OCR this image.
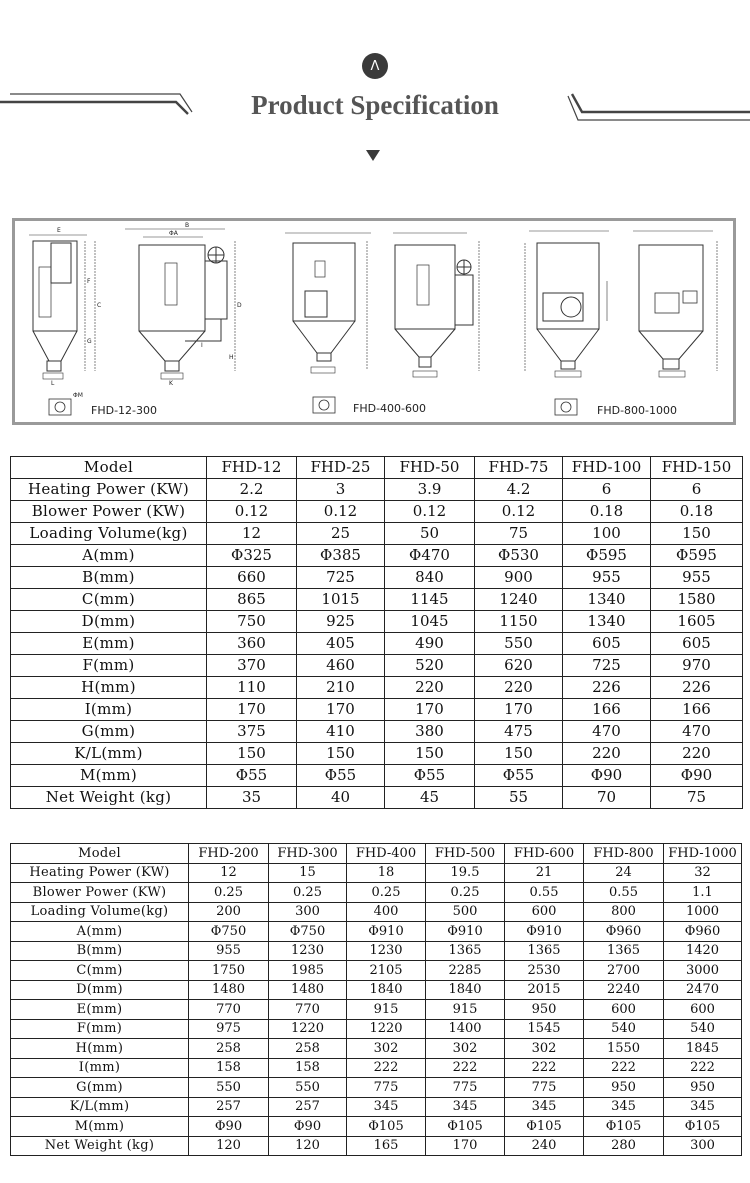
Λ
Product Specification
E
B
ΦA
F
C	D
G
H
I
K
L
ΦM
FHD-12-300	FHD-400-600	FHD-800-1000
Model	FHD-12	FHD-25	FHD-50	FHD-75	FHD-100	FHD-150
Heating Power (KW)	2.2	3	3.9	4.2	6	6
Blower Power (KW)	0.12	0.12	0.12	0.12	0.18	0.18
Loading Volume(kg)	12	25	50	75	100	150
A(mm)	Φ325	Φ385	Φ470	Φ530	Φ595	Φ595
B(mm)	660	725	840	900	955	955
C(mm)	865	1015	1145	1240	1340	1580
D(mm)	750	925	1045	1150	1340	1605
E(mm)	360	405	490	550	605	605
F(mm)	370	460	520	620	725	970
H(mm)	110	210	220	220	226	226
I(mm)	170	170	170	170	166	166
G(mm)	375	410	380	475	470	470
K/L(mm)	150	150	150	150	220	220
M(mm)	Φ55	Φ55	Φ55	Φ55	Φ90	Φ90
Net Weight (kg)	35	40	45	55	70	75
Model	FHD-200	FHD-300	FHD-400	FHD-500	FHD-600	FHD-800	FHD-1000
Heating Power (KW)	12	15	18	19.5	21	24	32
Blower Power (KW)	0.25	0.25	0.25	0.25	0.55	0.55	1.1
Loading Volume(kg)	200	300	400	500	600	800	1000
A(mm)	Φ750	Φ750	Φ910	Φ910	Φ910	Φ960	Φ960
B(mm)	955	1230	1230	1365	1365	1365	1420
C(mm)	1750	1985	2105	2285	2530	2700	3000
D(mm)	1480	1480	1840	1840	2015	2240	2470
E(mm)	770	770	915	915	950	600	600
F(mm)	975	1220	1220	1400	1545	540	540
H(mm)	258	258	302	302	302	1550	1845
I(mm)	158	158	222	222	222	222	222
G(mm)	550	550	775	775	775	950	950
K/L(mm)	257	257	345	345	345	345	345
M(mm)	Φ90	Φ90	Φ105	Φ105	Φ105	Φ105	Φ105
Net Weight (kg)	120	120	165	170	240	280	300
